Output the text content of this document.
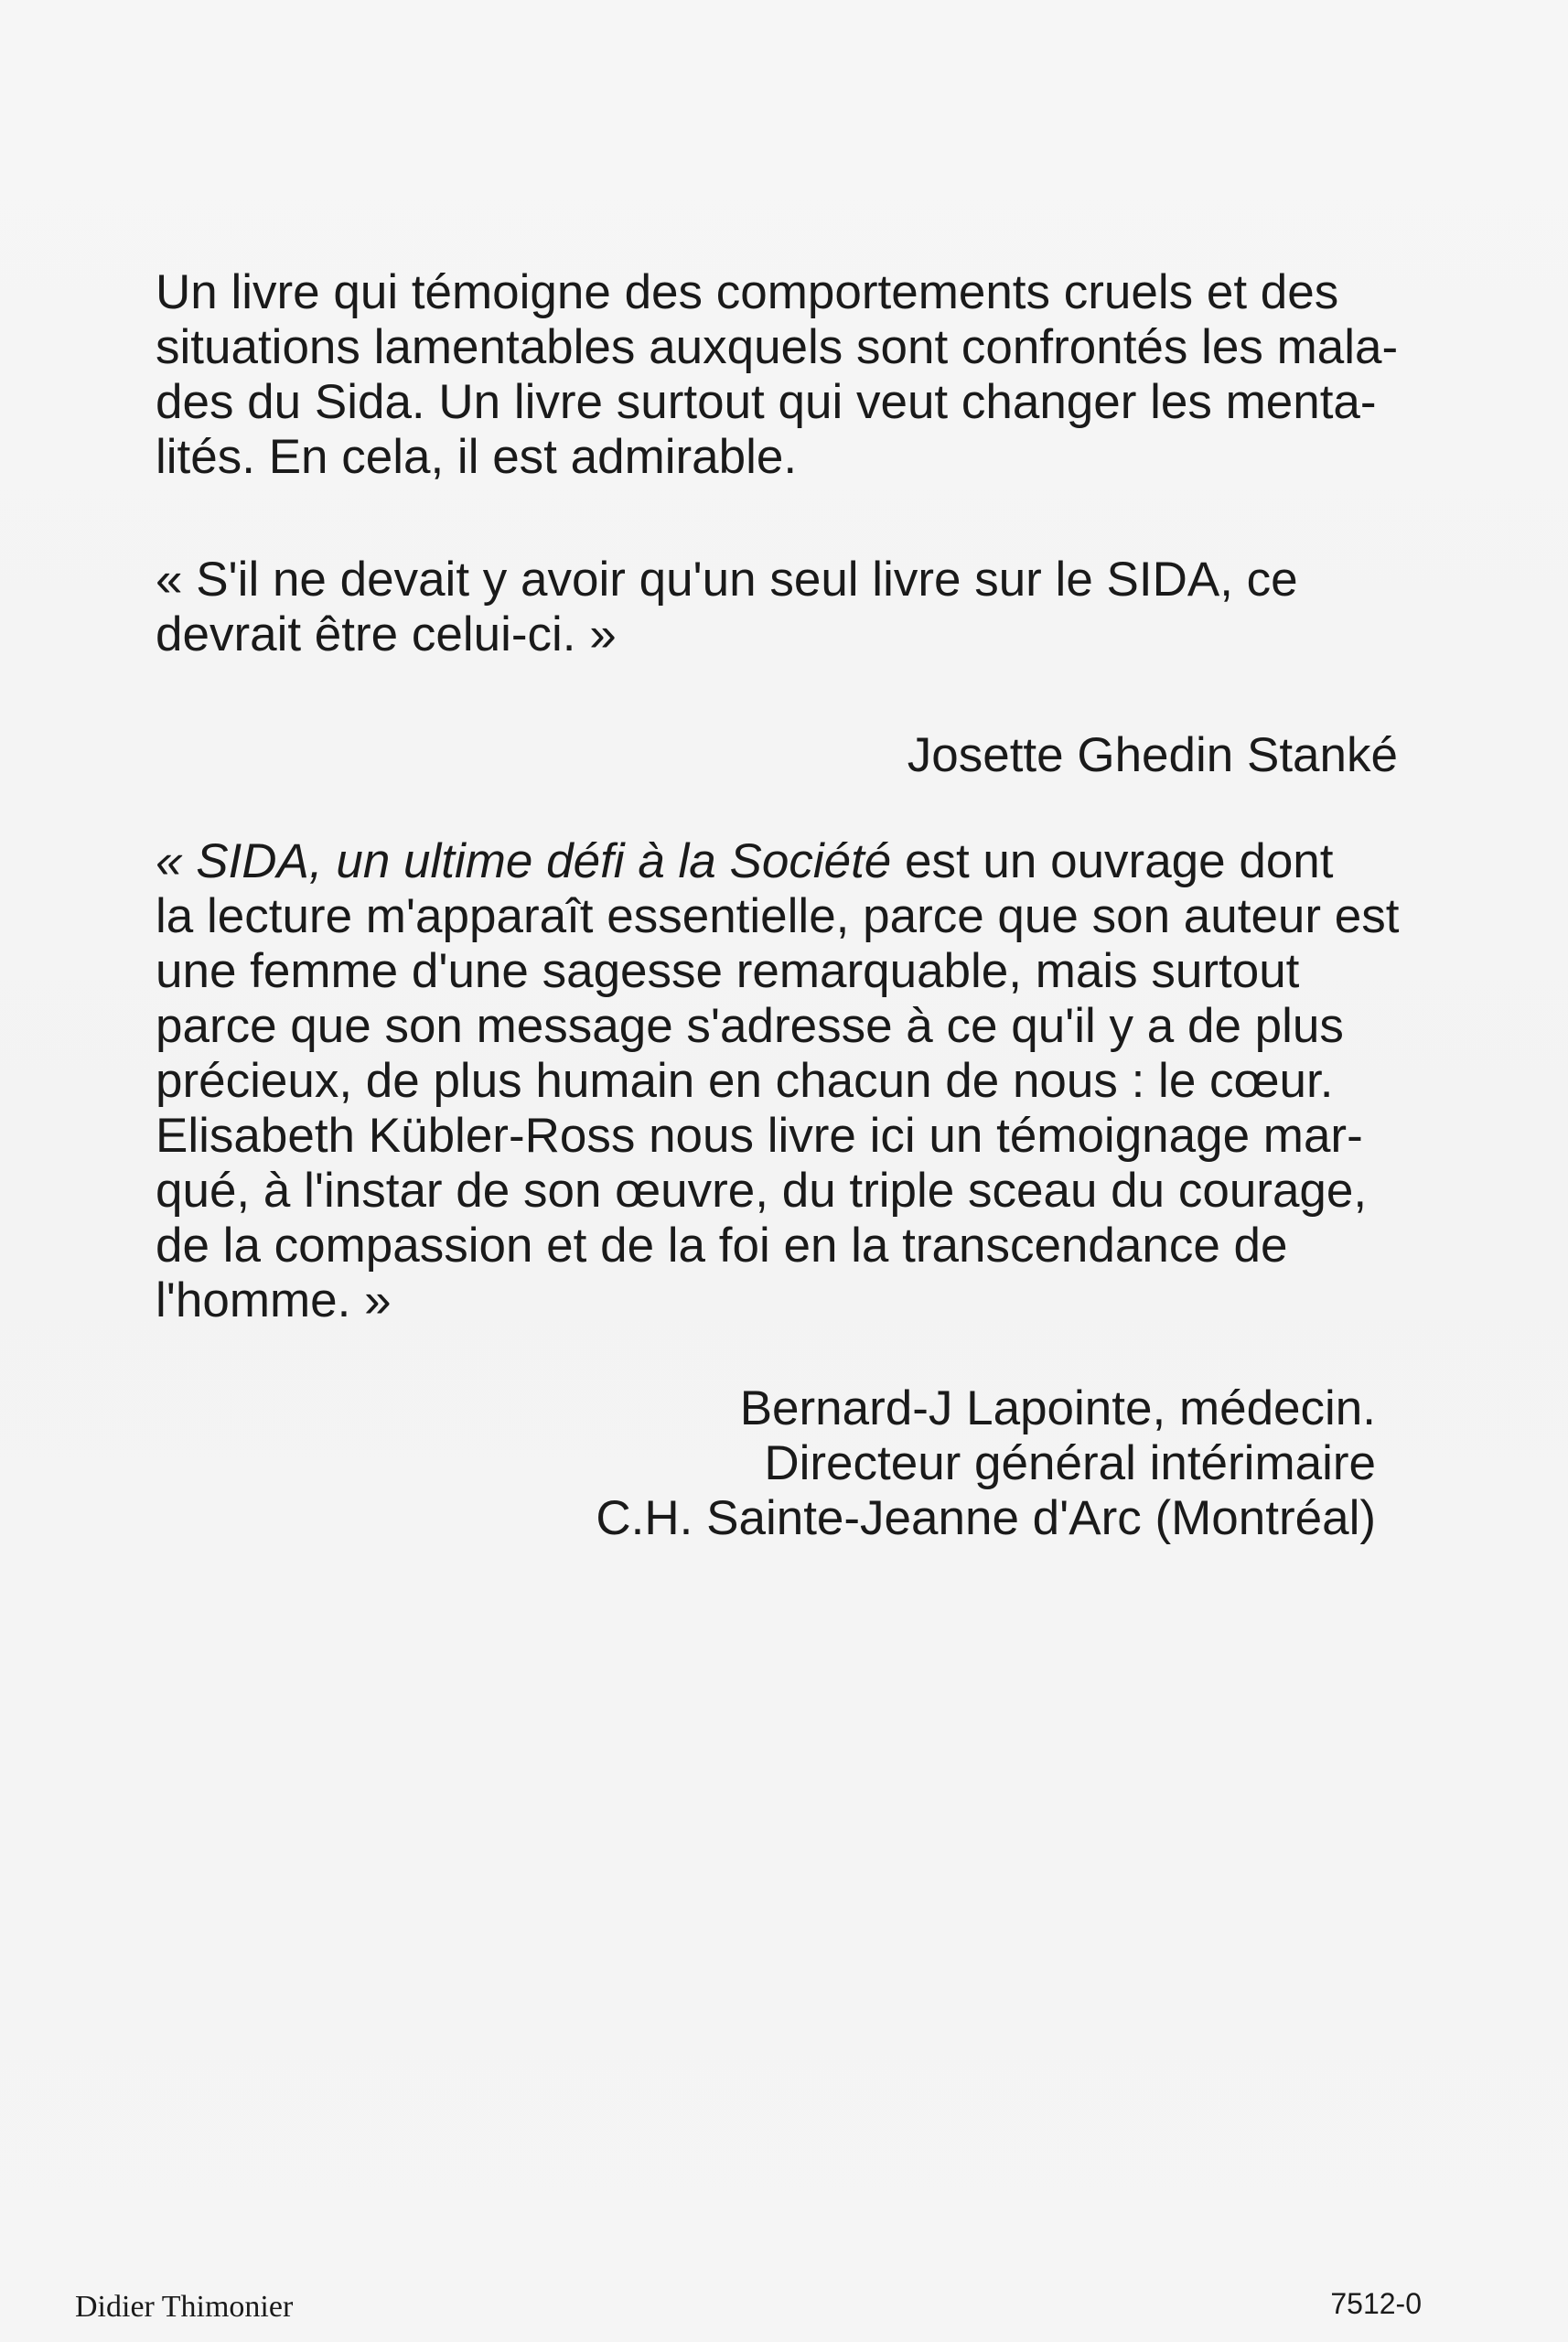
Un livre qui témoigne des comportements cruels et des
situations lamentables auxquels sont confrontés les mala-
des du Sida. Un livre surtout qui veut changer les menta-
lités. En cela, il est admirable.

« S'il ne devait y avoir qu'un seul livre sur le SIDA, ce
devrait être celui-ci. »

Josette Ghedin Stanké

« SIDA, un ultime défi à la Société est un ouvrage dont
la lecture m'apparaît essentielle, parce que son auteur est
une femme d'une sagesse remarquable, mais surtout
parce que son message s'adresse à ce qu'il y a de plus
précieux, de plus humain en chacun de nous : le cœur.
Elisabeth Kübler-Ross nous livre ici un témoignage mar-
qué, à l'instar de son œuvre, du triple sceau du courage,
de la compassion et de la foi en la transcendance de
l'homme. »

Bernard-J Lapointe, médecin.
Directeur général intérimaire
C.H. Sainte-Jeanne d'Arc (Montréal)

Didier Thimonier	7512-0
